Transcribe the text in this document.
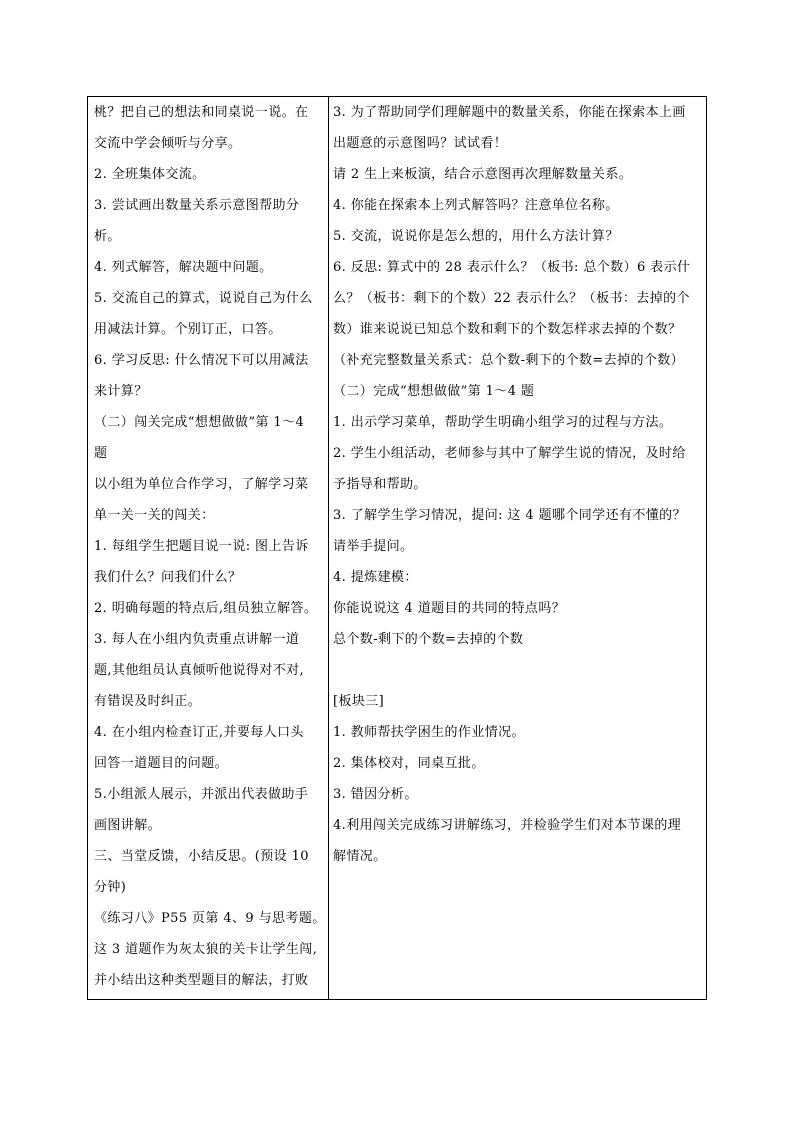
桃？把自己的想法和同桌说一说。在
交流中学会倾听与分享。
2. 全班集体交流。
3. 尝试画出数量关系示意图帮助分
析。
4. 列式解答，解决题中问题。
5. 交流自己的算式，说说自己为什么
用减法计算。个别订正，口答。
6. 学习反思: 什么情况下可以用减法
来计算？
（二）闯关完成“想想做做”第 1～4
题
以小组为单位合作学习，了解学习菜
单一关一关的闯关：
1. 每组学生把题目说一说: 图上告诉
我们什么？问我们什么？
2. 明确每题的特点后,组员独立解答。
3. 每人在小组内负责重点讲解一道
题,其他组员认真倾听他说得对不对,
有错误及时纠正。
4. 在小组内检查订正,并要每人口头
回答一道题目的问题。
5.小组派人展示，并派出代表做助手
画图讲解。
三、当堂反馈，小结反思。(预设 10
分钟)
《练习八》P55 页第 4、9 与思考题。
这 3 道题作为灰太狼的关卡让学生闯,
并小结出这种类型题目的解法，打败
3. 为了帮助同学们理解题中的数量关系，你能在探索本上画
出题意的示意图吗？试试看！
请 2 生上来板演，结合示意图再次理解数量关系。
4. 你能在探索本上列式解答吗？注意单位名称。
5. 交流，说说你是怎么想的，用什么方法计算？
6. 反思: 算式中的 28 表示什么？（板书: 总个数）6 表示什
么？（板书：剩下的个数）22 表示什么？（板书：去掉的个
数）谁来说说已知总个数和剩下的个数怎样求去掉的个数？
（补充完整数量关系式：总个数-剩下的个数=去掉的个数）
（二）完成“想想做做”第 1～4 题
1. 出示学习菜单，帮助学生明确小组学习的过程与方法。
2. 学生小组活动，老师参与其中了解学生说的情况，及时给
予指导和帮助。
3. 了解学生学习情况，提问: 这 4 题哪个同学还有不懂的？
请举手提问。
4. 提炼建模：
你能说说这 4 道题目的共同的特点吗？
总个数-剩下的个数=去掉的个数
[板块三]
1. 教师帮扶学困生的作业情况。
2. 集体校对，同桌互批。
3. 错因分析。
4.利用闯关完成练习讲解练习，并检验学生们对本节课的理
解情况。
